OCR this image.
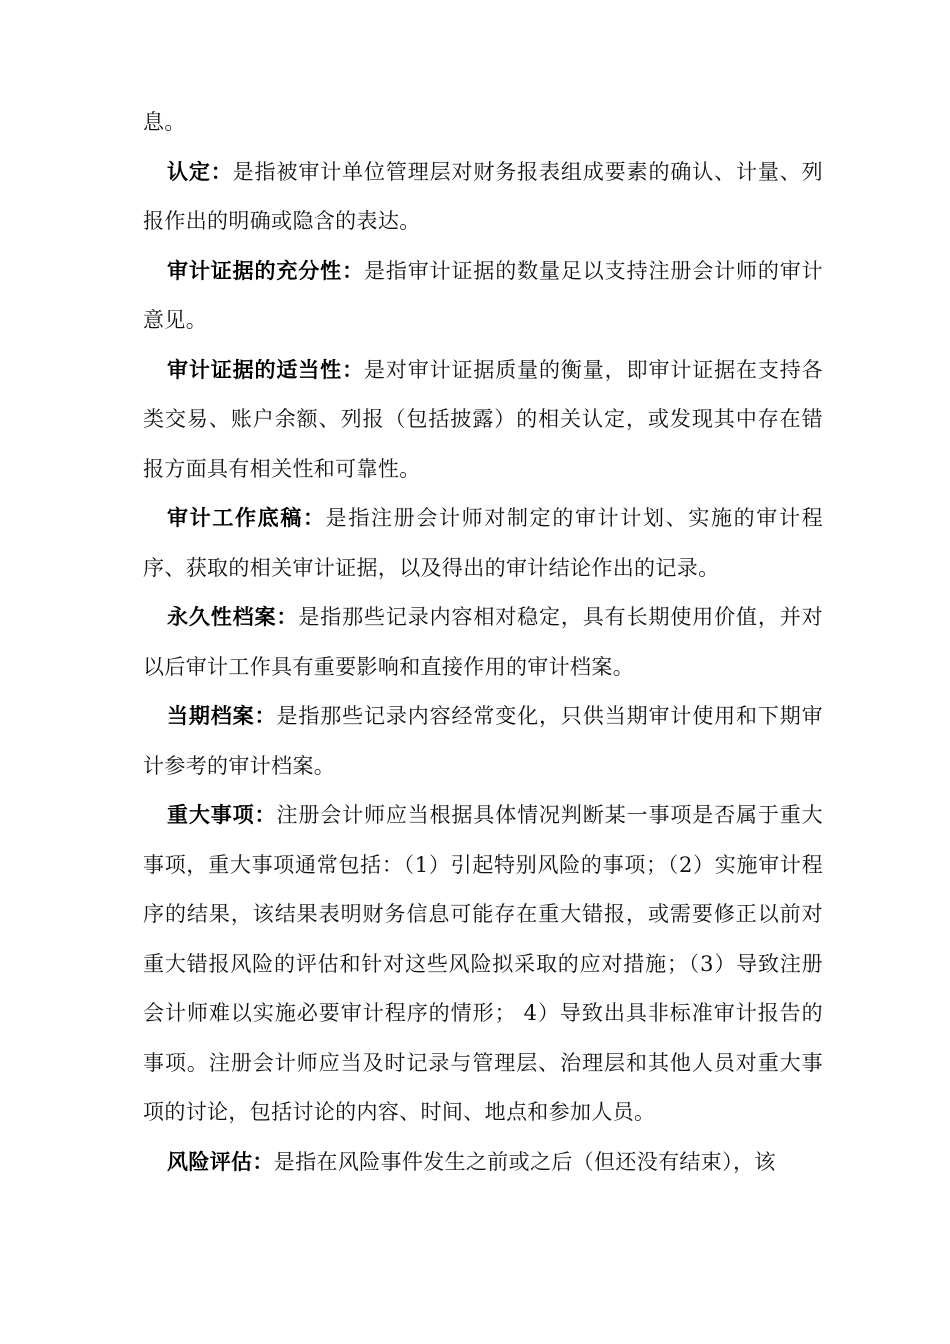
息。

认定：是指被审计单位管理层对财务报表组成要素的确认、计量、列报作出的明确或隐含的表达。

审计证据的充分性：是指审计证据的数量足以支持注册会计师的审计意见。

审计证据的适当性：是对审计证据质量的衡量，即审计证据在支持各类交易、账户余额、列报（包括披露）的相关认定，或发现其中存在错报方面具有相关性和可靠性。

审计工作底稿：是指注册会计师对制定的审计计划、实施的审计程序、获取的相关审计证据，以及得出的审计结论作出的记录。

永久性档案：是指那些记录内容相对稳定，具有长期使用价值，并对以后审计工作具有重要影响和直接作用的审计档案。

当期档案：是指那些记录内容经常变化，只供当期审计使用和下期审计参考的审计档案。

重大事项：注册会计师应当根据具体情况判断某一事项是否属于重大事项，重大事项通常包括：（1）引起特别风险的事项；（2）实施审计程序的结果，该结果表明财务信息可能存在重大错报，或需要修正以前对重大错报风险的评估和针对这些风险拟采取的应对措施；（3）导致注册会计师难以实施必要审计程序的情形； 4）导致出具非标准审计报告的事项。注册会计师应当及时记录与管理层、治理层和其他人员对重大事项的讨论，包括讨论的内容、时间、地点和参加人员。

风险评估：是指在风险事件发生之前或之后（但还没有结束），该
